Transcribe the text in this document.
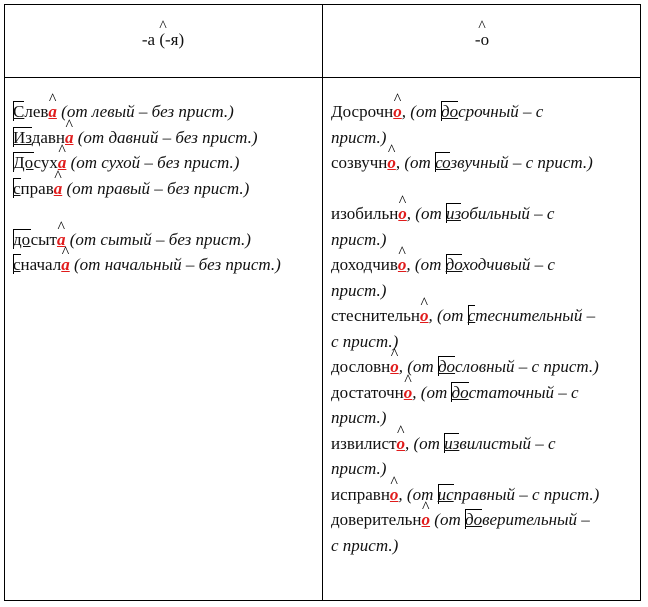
^ -а (-я)
^	-о
Слев^ а (от левый – без прист.)
Издавн^ а (от давний – без прист.)
Досух^ а (от сухой – без прист.)
справ^ а (от правый – без прист.)
досыт^ а (от сытый – без прист.)
сначал^ а (от начальный – без прист.)
Досрочн^ о, (от досрочный – с
прист.)
созвучн^ о, (от созвучный – с прист.)
изобильн^ о, (от изобильный – с
прист.)
доходчив^ о, (от доходчивый – с
прист.)
стеснительн^ о, (от стеснительный –
с прист.)
дословн^ о, (от дословный – с прист.)
достаточн^ о, (от достаточный – с
прист.)
извилист^ о, (от извилистый – с
прист.)
исправн^ о, (от исправный – с прист.)
доверительн^ о (от доверительный –
с прист.)
